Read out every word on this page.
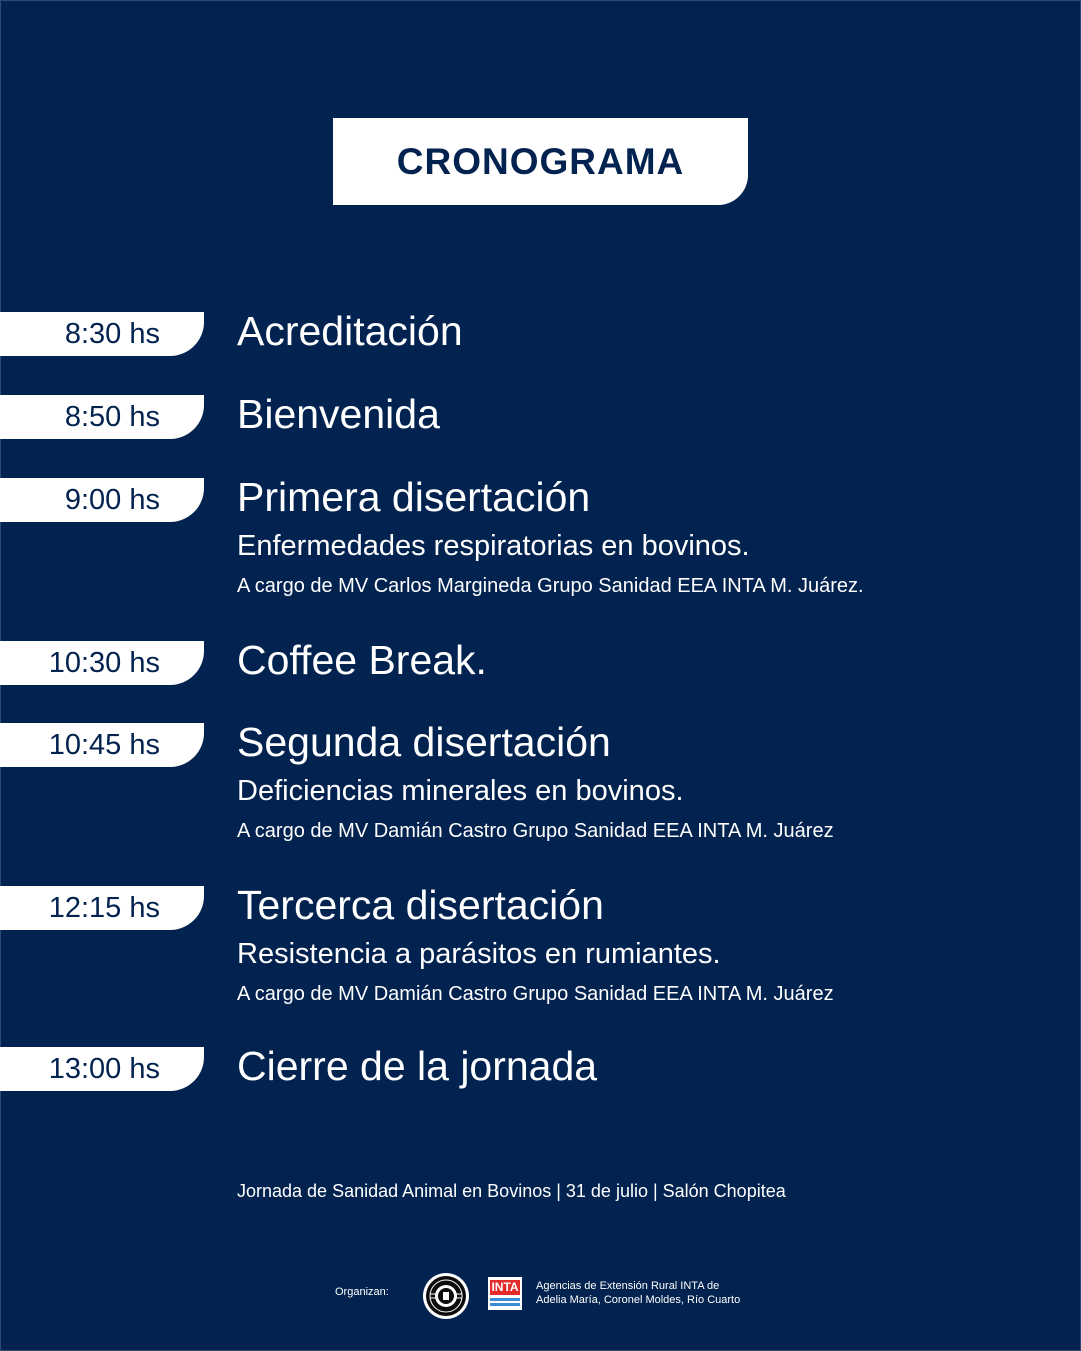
CRONOGRAMA
8:30 hs Acreditación
8:50 hs Bienvenida
9:00 hs Primera disertación
Enfermedades respiratorias en bovinos.
A cargo de MV Carlos Margineda Grupo Sanidad EEA INTA M. Juárez.
10:30 hs Coffee Break.
10:45 hs Segunda disertación
Deficiencias minerales en bovinos.
A cargo de MV Damián Castro Grupo Sanidad EEA INTA M. Juárez
12:15 hs Tercerca disertación
Resistencia a parásitos en rumiantes.
A cargo de MV Damián Castro Grupo Sanidad EEA INTA M. Juárez
13:00 hs Cierre de la jornada
Jornada de Sanidad Animal en Bovinos | 31 de julio | Salón Chopitea
Organizan:	INTA Agencias de Extensión Rural INTA de
Adelia María, Coronel Moldes, Río Cuarto
